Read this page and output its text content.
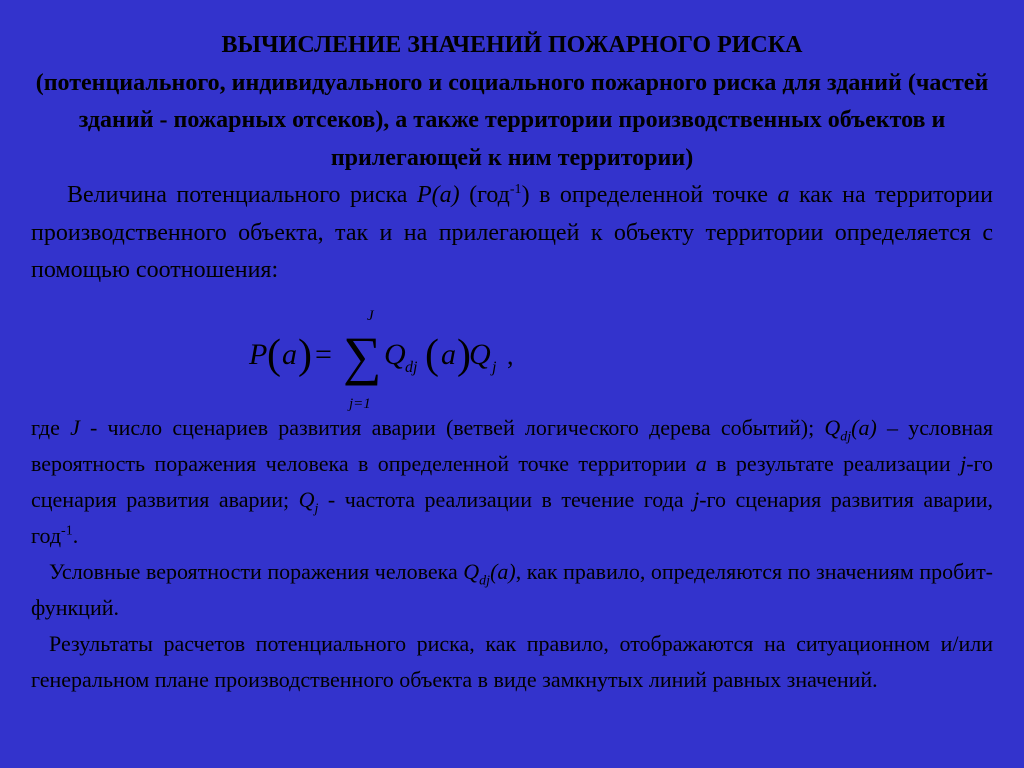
ВЫЧИСЛЕНИЕ ЗНАЧЕНИЙ ПОЖАРНОГО РИСКА
(потенциального, индивидуального и социального пожарного риска для зданий (частей зданий - пожарных отсеков), а также территории производственных объектов и прилегающей к ним территории)

Величина потенциального риска P(a) (год$^{-1}$) в определенной точке а как на территории производственного объекта, так и на прилегающей к объекту территории определяется с помощью соотношения:

P ( a ) = ∑
J
j=1
Q dj ( a )
Q j ,

где J - число сценариев развития аварии (ветвей логического дерева событий); $Q_{dj}(a)$ – условная вероятность поражения человека в определенной точке территории a в результате реализации j-го сценария развития аварии; $Q_j$ - частота реализации в течение года j-го сценария развития аварии, год$^{-1}$.

Условные вероятности поражения человека $Q_{dj}(a)$, как правило, определяются по значениям пробит-функций.

Результаты расчетов потенциального риска, как правило, отображаются на ситуационном и/или генеральном плане производственного объекта в виде замкнутых линий равных значений.
